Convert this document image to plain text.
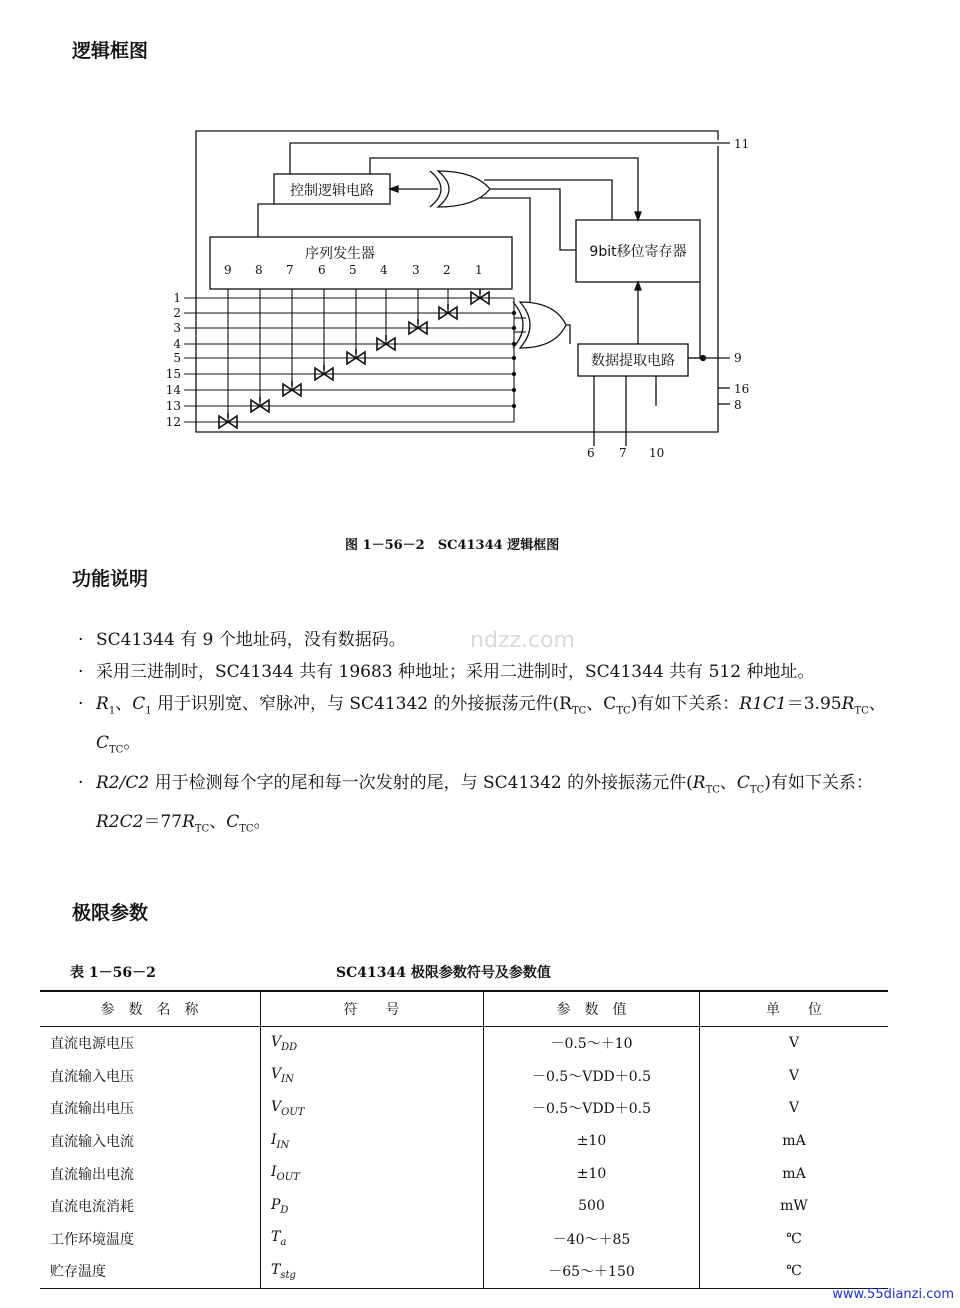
逻辑框图
控制逻辑电路
序列发生器	9bit移位寄存器
数据提取电路
9 8 7 6 5 4 3 2 1
1
2
3
4
5
15
14
13
12
11
9
16
8
6 7 10
图 1－56－2　SC41344 逻辑框图
功能说明
ndzz.com
· SC41344 有 9 个地址码，没有数据码。
· 采用三进制时，SC41344 共有 19683 种地址；采用二进制时，SC41344 共有 512 种地址。
· $R_1$、$C_1$ 用于识别宽、窄脉冲，与 SC41342 的外接振荡元件($R_{TC}$、$C_{TC}$)有如下关系：$R1C1=3.95R_{TC}$、$C_{TC}$。
· R2/C2 用于检测每个字的尾和每一次发射的尾，与 SC41342 的外接振荡元件($R_{TC}$、$C_{TC}$)有如下关系：$R2C2=77R_{TC}$、$C_{TC}$。
极限参数
表 1－56－2	SC41344 极限参数符号及参数值
参　数　名　称	符　　号	参　数　值	单　　位
直流电源电压	$V_{DD}$	－0.5～＋10	V
直流输入电压	$V_{IN}$	－0.5～VDD＋0.5	V
直流输出电压	$V_{OUT}$	－0.5～VDD＋0.5	V
直流输入电流	$I_{IN}$	±10	mA
直流输出电流	$I_{OUT}$	±10	mA
直流电流消耗	$P_D$	500	mW
工作环境温度	$T_a$	－40～＋85	℃
贮存温度	$T_{stg}$	－65～＋150	℃
www.55dianzi.com
